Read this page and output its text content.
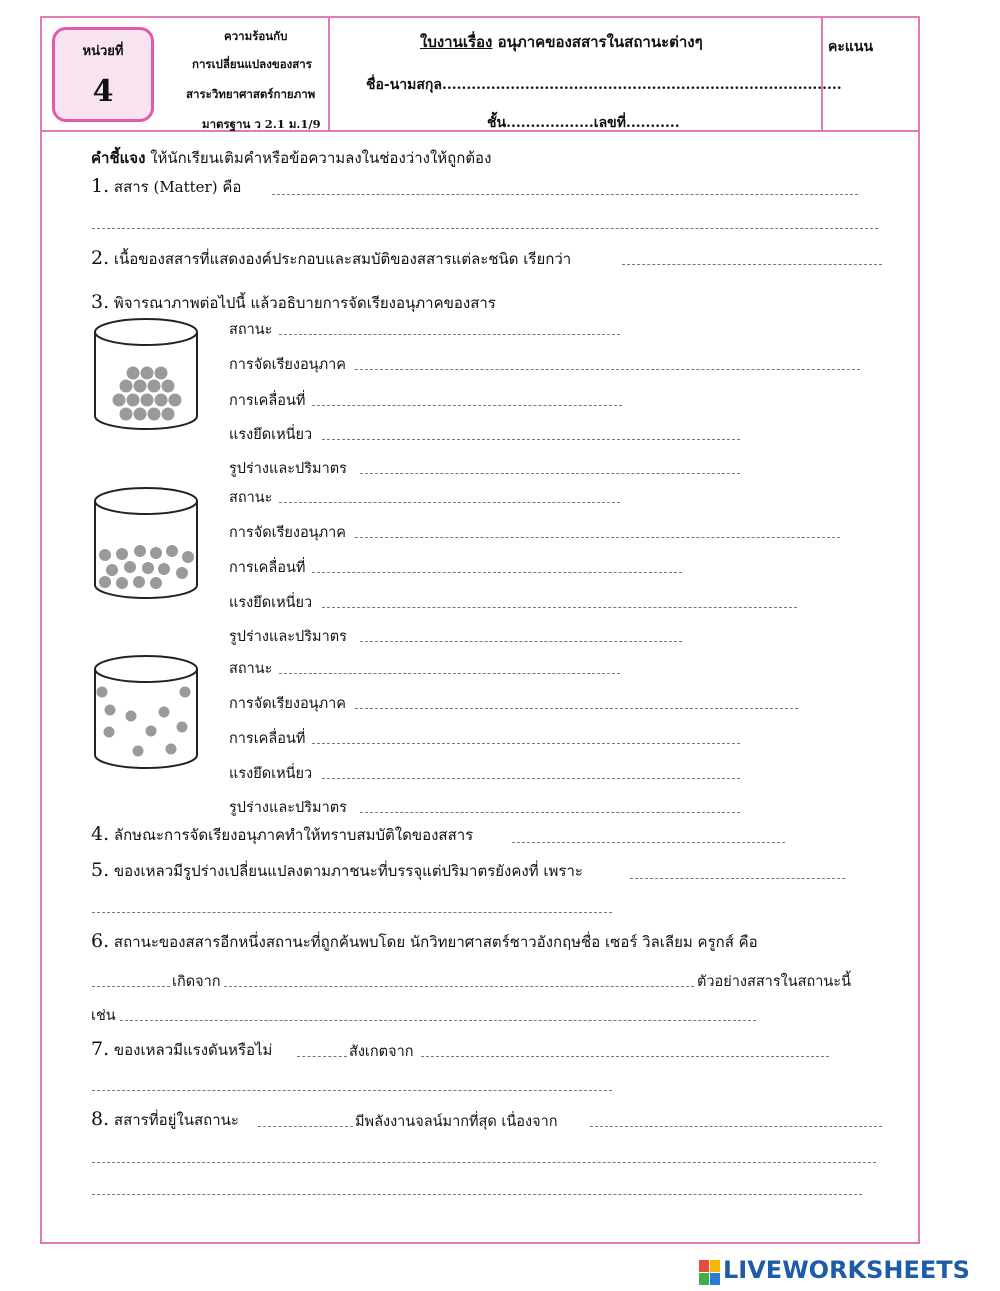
หน่วยที่
4
ความร้อนกับ
การเปลี่ยนแปลงของสาร
สาระวิทยาศาสตร์กายภาพ
มาตรฐาน ว 2.1 ม.1/9
ใบงานเรื่อง อนุภาคของสสารในสถานะต่างๆ
ชื่อ-นามสกุล..................................................................................
ชั้น..................เลขที่...........
คะแนน
คำชี้แจง ให้นักเรียนเติมคำหรือข้อความลงในช่องว่างให้ถูกต้อง
1. สสาร (Matter) คือ
2. เนื้อของสสารที่แสดงองค์ประกอบและสมบัติของสสารแต่ละชนิด เรียกว่า
3. พิจารณาภาพต่อไปนี้ แล้วอธิบายการจัดเรียงอนุภาคของสาร
สถานะ
การจัดเรียงอนุภาค
การเคลื่อนที่
แรงยึดเหนี่ยว
รูปร่างและปริมาตร
สถานะ
การจัดเรียงอนุภาค
การเคลื่อนที่
แรงยึดเหนี่ยว
รูปร่างและปริมาตร
สถานะ
การจัดเรียงอนุภาค
การเคลื่อนที่
แรงยึดเหนี่ยว
รูปร่างและปริมาตร
4. ลักษณะการจัดเรียงอนุภาคทำให้ทราบสมบัติใดของสสาร
5. ของเหลวมีรูปร่างเปลี่ยนแปลงตามภาชนะที่บรรจุแต่ปริมาตรยังคงที่ เพราะ
6. สถานะของสสารอีกหนึ่งสถานะที่ถูกค้นพบโดย นักวิทยาศาสตร์ชาวอังกฤษชื่อ เซอร์ วิลเลียม ครูกส์ คือ
เกิดจาก	ตัวอย่างสสารในสถานะนี้
เช่น
7. ของเหลวมีแรงดันหรือไม่	สังเกตจาก
8. สสารที่อยู่ในสถานะ	มีพลังงานจลน์มากที่สุด เนื่องจาก
LIVEWORKSHEETS
